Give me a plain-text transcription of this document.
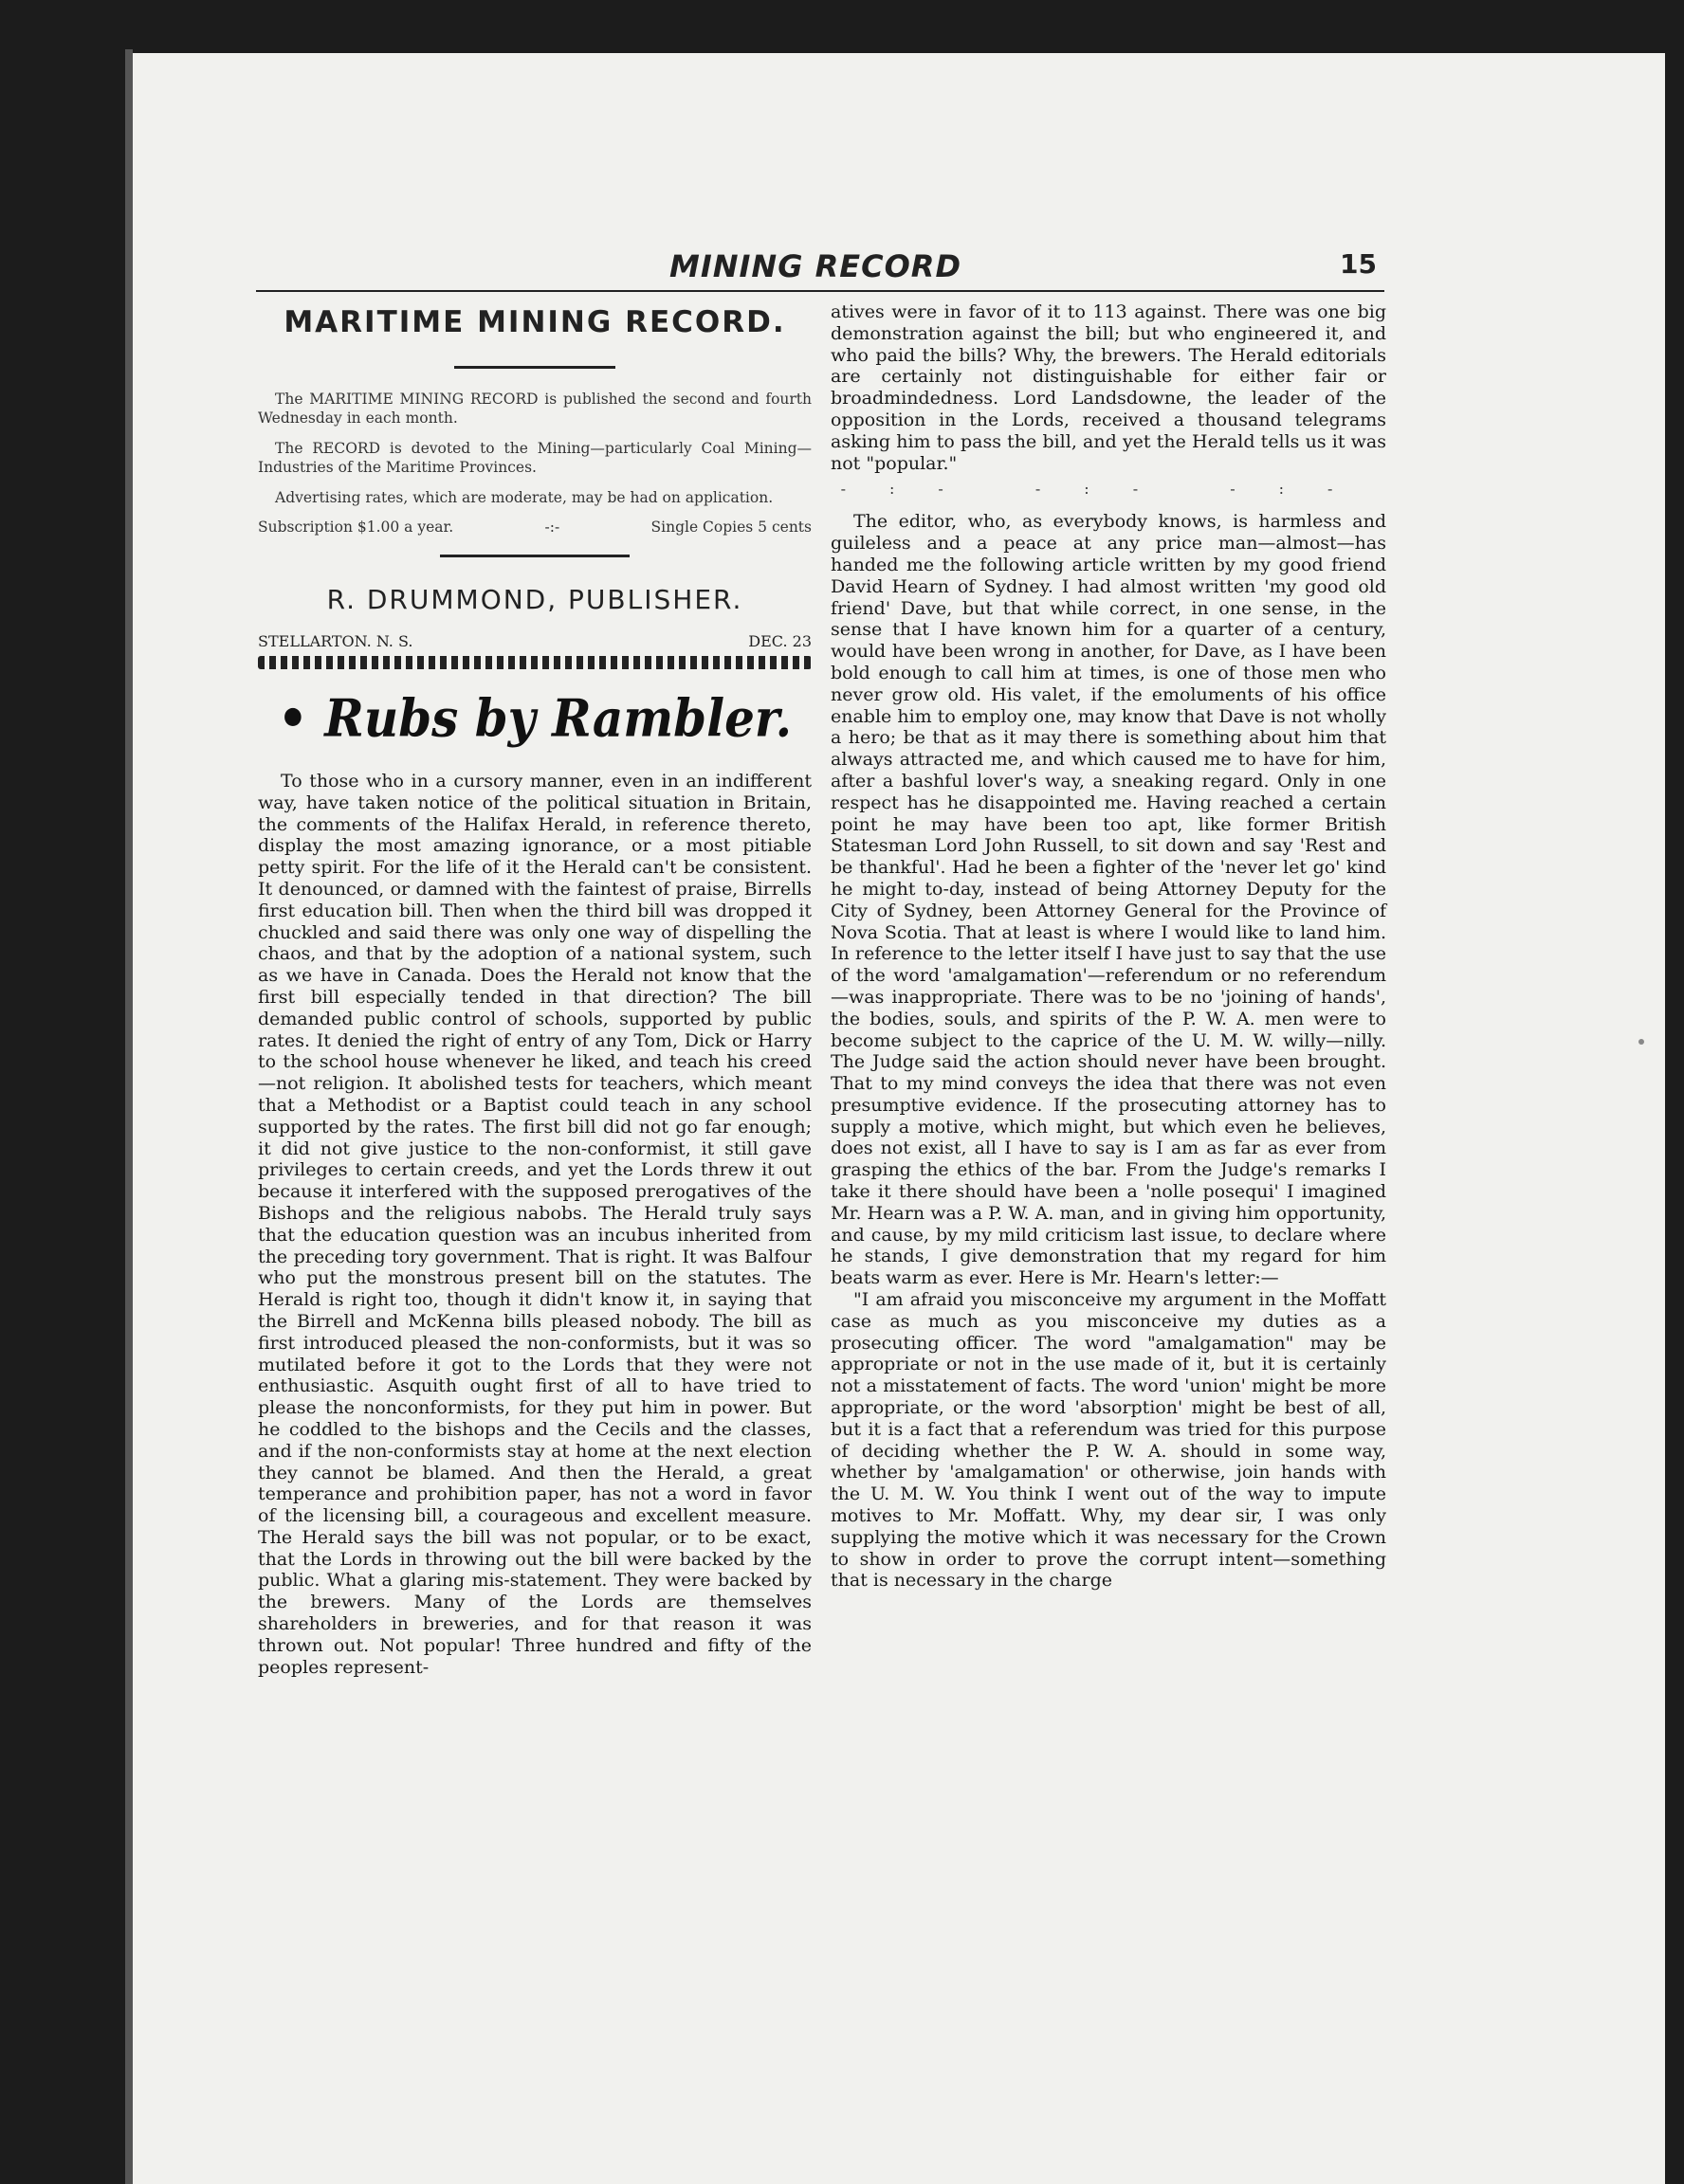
MINING RECORD	15
MARITIME MINING RECORD.

The MARITIME MINING RECORD is published the second and fourth Wednesday in each month.

The RECORD is devoted to the Mining—particularly Coal Mining—Industries of the Maritime Provinces.

Advertising rates, which are moderate, may be had on application.

Subscription $1.00 a year.	-:-	Single Copies 5 cents
R. DRUMMOND, PUBLISHER.
STELLARTON. N. S.	DEC. 23
• Rubs by Rambler.

To those who in a cursory manner, even in an indifferent way, have taken notice of the political situation in Britain, the comments of the Halifax Herald, in reference thereto, display the most amazing ignorance, or a most pitiable petty spirit. For the life of it the Herald can't be consistent. It denounced, or damned with the faintest of praise, Birrells first education bill. Then when the third bill was dropped it chuckled and said there was only one way of dispelling the chaos, and that by the adoption of a national system, such as we have in Canada. Does the Herald not know that the first bill especially tended in that direction? The bill demanded public control of schools, supported by public rates. It denied the right of entry of any Tom, Dick or Harry to the school house whenever he liked, and teach his creed—not religion. It abolished tests for teachers, which meant that a Methodist or a Baptist could teach in any school supported by the rates. The first bill did not go far enough; it did not give justice to the non-conformist, it still gave privileges to certain creeds, and yet the Lords threw it out because it interfered with the supposed prerogatives of the Bishops and the religious nabobs. The Herald truly says that the education question was an incubus inherited from the preceding tory government. That is right. It was Balfour who put the monstrous present bill on the statutes. The Herald is right too, though it didn't know it, in saying that the Birrell and McKenna bills pleased nobody. The bill as first introduced pleased the non-conformists, but it was so mutilated before it got to the Lords that they were not enthusiastic. Asquith ought first of all to have tried to please the nonconformists, for they put him in power. But he coddled to the bishops and the Cecils and the classes, and if the non-conformists stay at home at the next election they cannot be blamed. And then the Herald, a great temperance and prohibition paper, has not a word in favor of the licensing bill, a courageous and excellent measure. The Herald says the bill was not popular, or to be exact, that the Lords in throwing out the bill were backed by the public. What a glaring mis-statement. They were backed by the brewers. Many of the Lords are themselves shareholders in breweries, and for that reason it was thrown out. Not popular! Three hundred and fifty of the peoples represent-

atives were in favor of it to 113 against. There was one big demonstration against the bill; but who engineered it, and who paid the bills? Why, the brewers. The Herald editorials are certainly not distinguishable for either fair or broadmindedness. Lord Landsdowne, the leader of the opposition in the Lords, received a thousand telegrams asking him to pass the bill, and yet the Herald tells us it was not "popular."

-:- -:- -:-

The editor, who, as everybody knows, is harmless and guileless and a peace at any price man—almost—has handed me the following article written by my good friend David Hearn of Sydney. I had almost written 'my good old friend' Dave, but that while correct, in one sense, in the sense that I have known him for a quarter of a century, would have been wrong in another, for Dave, as I have been bold enough to call him at times, is one of those men who never grow old. His valet, if the emoluments of his office enable him to employ one, may know that Dave is not wholly a hero; be that as it may there is something about him that always attracted me, and which caused me to have for him, after a bashful lover's way, a sneaking regard. Only in one respect has he disappointed me. Having reached a certain point he may have been too apt, like former British Statesman Lord John Russell, to sit down and say 'Rest and be thankful'. Had he been a fighter of the 'never let go' kind he might to-day, instead of being Attorney Deputy for the City of Sydney, been Attorney General for the Province of Nova Scotia. That at least is where I would like to land him. In reference to the letter itself I have just to say that the use of the word 'amalgamation'—referendum or no referendum—was inappropriate. There was to be no 'joining of hands', the bodies, souls, and spirits of the P. W. A. men were to become subject to the caprice of the U. M. W. willy—nilly. The Judge said the action should never have been brought. That to my mind conveys the idea that there was not even presumptive evidence. If the prosecuting attorney has to supply a motive, which might, but which even he believes, does not exist, all I have to say is I am as far as ever from grasping the ethics of the bar. From the Judge's remarks I take it there should have been a 'nolle posequi' I imagined Mr. Hearn was a P. W. A. man, and in giving him opportunity, and cause, by my mild criticism last issue, to declare where he stands, I give demonstration that my regard for him beats warm as ever. Here is Mr. Hearn's letter:—

"I am afraid you misconceive my argument in the Moffatt case as much as you misconceive my duties as a prosecuting officer. The word "amalgamation" may be appropriate or not in the use made of it, but it is certainly not a misstatement of facts. The word 'union' might be more appropriate, or the word 'absorption' might be best of all, but it is a fact that a referendum was tried for this purpose of deciding whether the P. W. A. should in some way, whether by 'amalgamation' or otherwise, join hands with the U. M. W. You think I went out of the way to impute motives to Mr. Moffatt. Why, my dear sir, I was only supplying the motive which it was necessary for the Crown to show in order to prove the corrupt intent—something that is necessary in the charge
